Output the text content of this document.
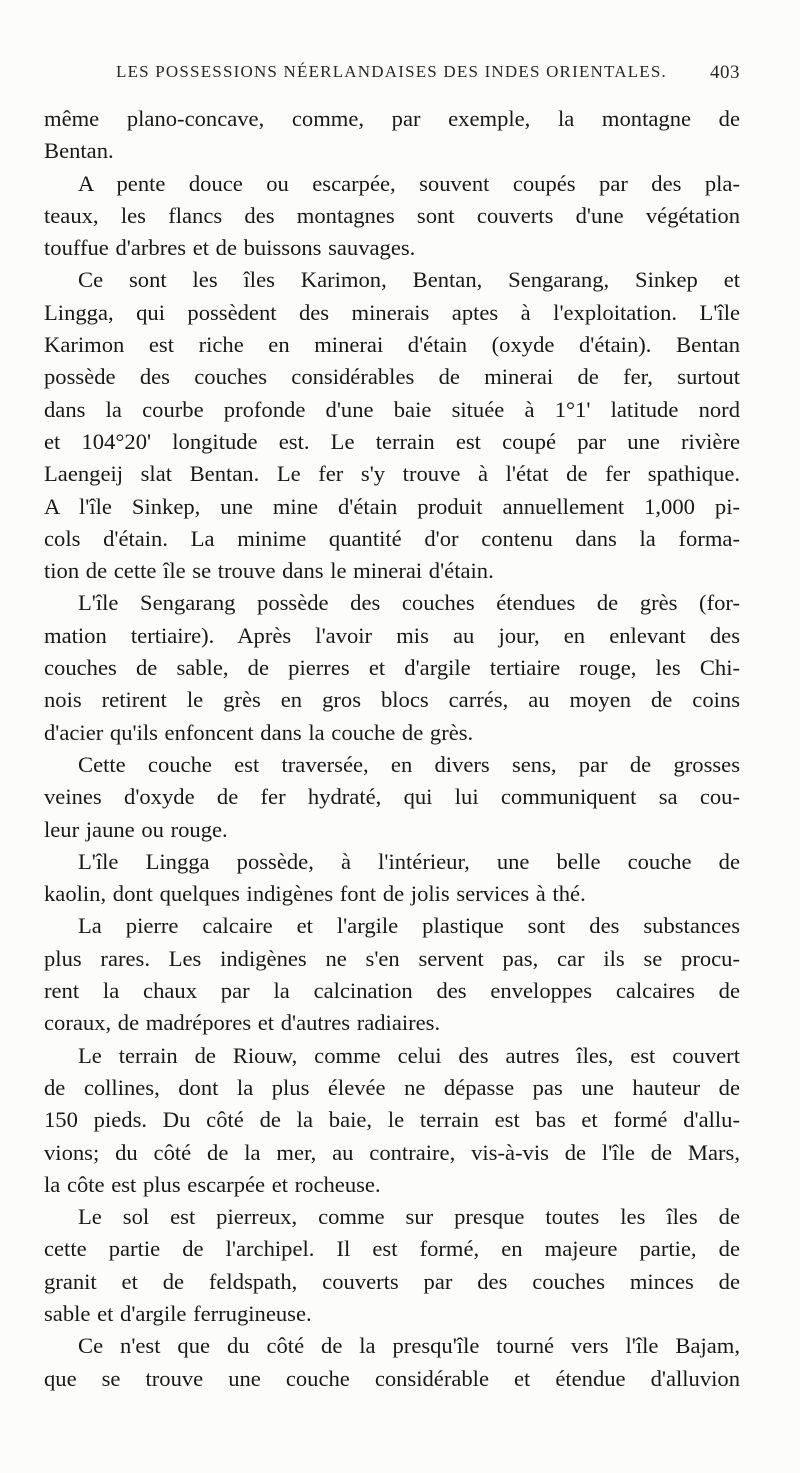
LES POSSESSIONS NÉERLANDAISES DES INDES ORIENTALES. 403
même plano-concave, comme, par exemple, la montagne de
Bentan.
A pente douce ou escarpée, souvent coupés par des pla-
teaux, les flancs des montagnes sont couverts d'une végétation
touffue d'arbres et de buissons sauvages.
Ce sont les îles Karimon, Bentan, Sengarang, Sinkep et
Lingga, qui possèdent des minerais aptes à l'exploitation. L'île
Karimon est riche en minerai d'étain (oxyde d'étain). Bentan
possède des couches considérables de minerai de fer, surtout
dans la courbe profonde d'une baie située à 1°1' latitude nord
et 104°20' longitude est. Le terrain est coupé par une rivière
Laengeij slat Bentan. Le fer s'y trouve à l'état de fer spathique.
A l'île Sinkep, une mine d'étain produit annuellement 1,000 pi-
cols d'étain. La minime quantité d'or contenu dans la forma-
tion de cette île se trouve dans le minerai d'étain.
L'île Sengarang possède des couches étendues de grès (for-
mation tertiaire). Après l'avoir mis au jour, en enlevant des
couches de sable, de pierres et d'argile tertiaire rouge, les Chi-
nois retirent le grès en gros blocs carrés, au moyen de coins
d'acier qu'ils enfoncent dans la couche de grès.
Cette couche est traversée, en divers sens, par de grosses
veines d'oxyde de fer hydraté, qui lui communiquent sa cou-
leur jaune ou rouge.
L'île Lingga possède, à l'intérieur, une belle couche de
kaolin, dont quelques indigènes font de jolis services à thé.
La pierre calcaire et l'argile plastique sont des substances
plus rares. Les indigènes ne s'en servent pas, car ils se procu-
rent la chaux par la calcination des enveloppes calcaires de
coraux, de madrépores et d'autres radiaires.
Le terrain de Riouw, comme celui des autres îles, est couvert
de collines, dont la plus élevée ne dépasse pas une hauteur de
150 pieds. Du côté de la baie, le terrain est bas et formé d'allu-
vions; du côté de la mer, au contraire, vis-à-vis de l'île de Mars,
la côte est plus escarpée et rocheuse.
Le sol est pierreux, comme sur presque toutes les îles de
cette partie de l'archipel. Il est formé, en majeure partie, de
granit et de feldspath, couverts par des couches minces de
sable et d'argile ferrugineuse.
Ce n'est que du côté de la presqu'île tourné vers l'île Bajam,
que se trouve une couche considérable et étendue d'alluvion
